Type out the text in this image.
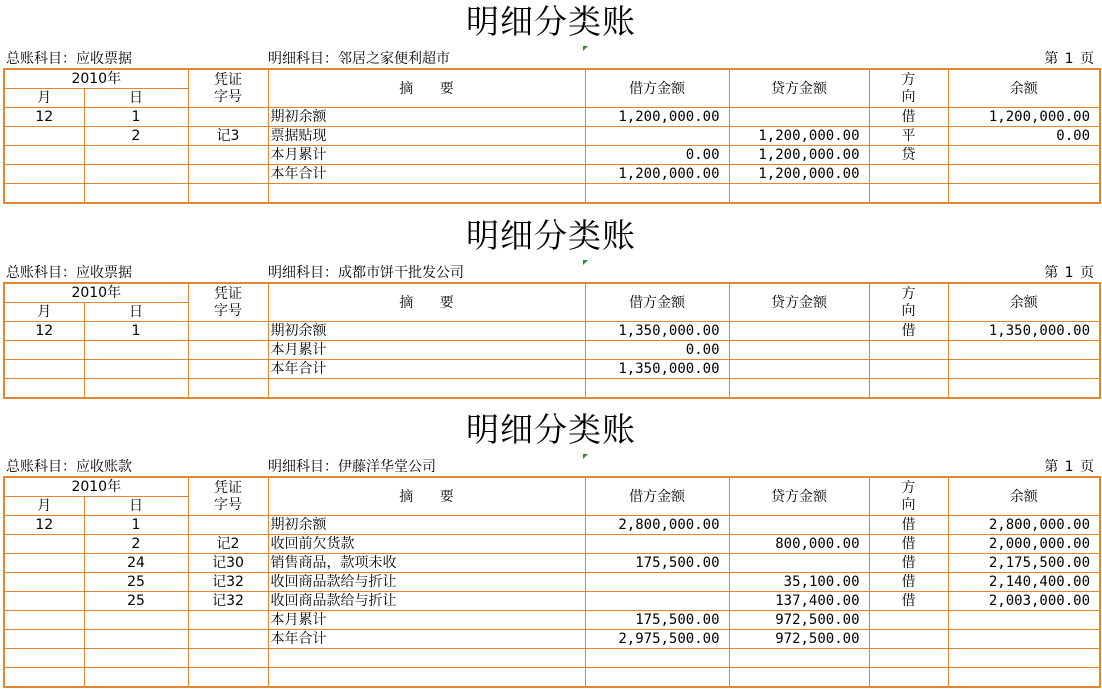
明细分类账
总账科目：应收票据	明细科目：邻居之家便利超市	第 1 页
2010年		凭证
字号	摘 要	借方金额	贷方金额	方
向	余额
月	日						
12	1		期初余额	1,200,000.00		借	1,200,000.00
	2	记3	票据贴现		1,200,000.00	平	0.00
			本月累计	0.00	1,200,000.00	贷	
			本年合计	1,200,000.00	1,200,000.00		

明细分类账
总账科目：应收票据	明细科目：成都市饼干批发公司	第 1 页
2010年		凭证
字号	摘 要	借方金额	贷方金额	方
向	余额
月	日						
12	1		期初余额	1,350,000.00		借	1,350,000.00
			本月累计	0.00			
			本年合计	1,350,000.00			

明细分类账
总账科目：应收账款	明细科目：伊藤洋华堂公司	第 1 页
2010年		凭证
字号	摘 要	借方金额	贷方金额	方
向	余额
月	日						
12	1		期初余额	2,800,000.00		借	2,800,000.00
	2	记2	收回前欠货款		800,000.00	借	2,000,000.00
	24	记30	销售商品，款项未收	175,500.00		借	2,175,500.00
	25	记32	收回商品款给与折让		35,100.00	借	2,140,400.00
	25	记32	收回商品款给与折让		137,400.00	借	2,003,000.00
			本月累计	175,500.00	972,500.00		
			本年合计	2,975,500.00	972,500.00		
